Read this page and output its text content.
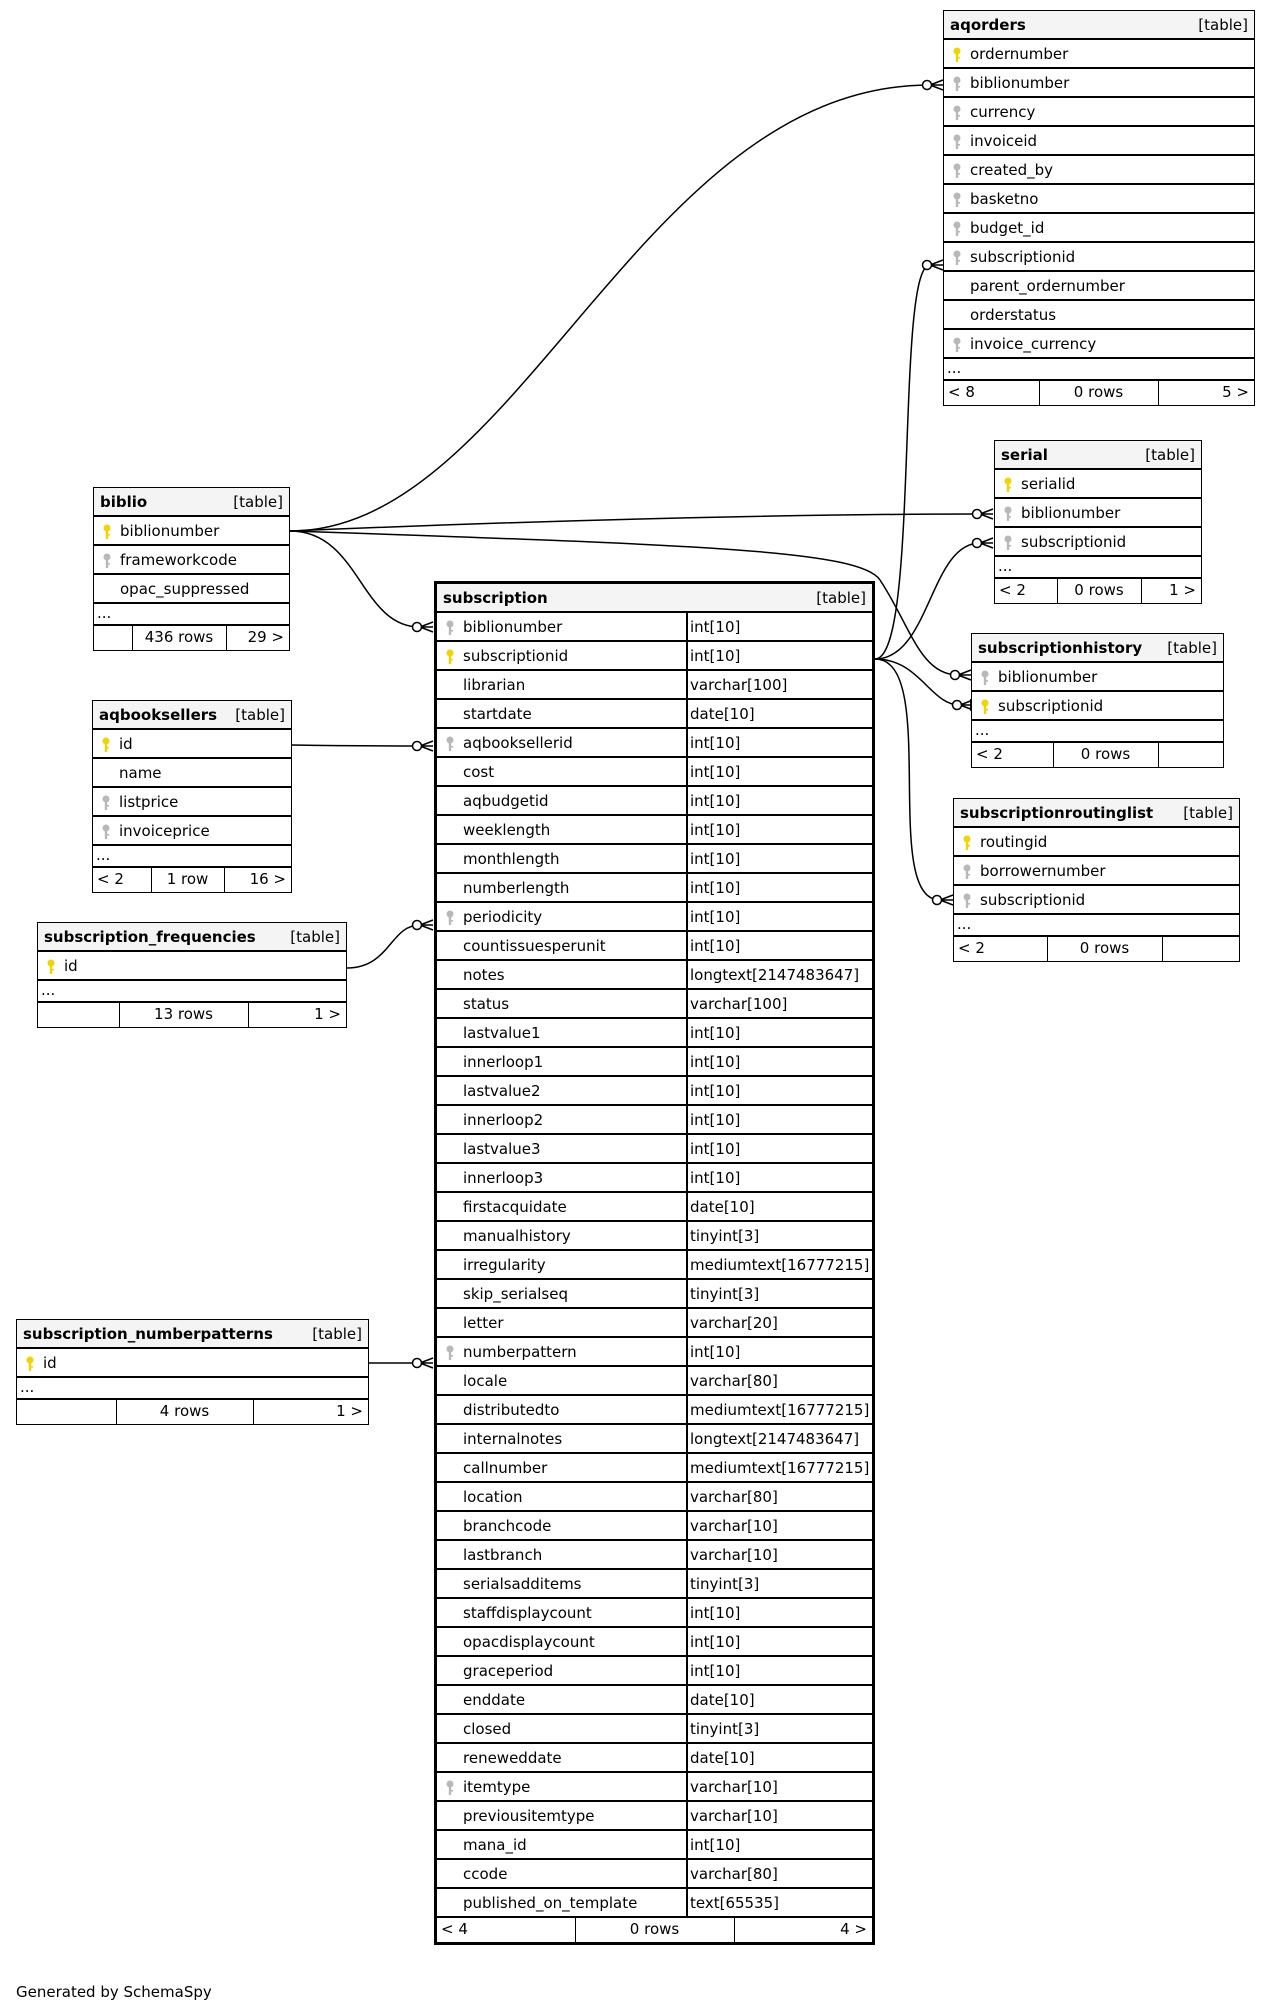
aqorders	[table]
ordernumber
biblionumber
currency
invoiceid
created_by
basketno
budget_id
subscriptionid
parent_ordernumber
orderstatus
invoice_currency
...
< 8	0 rows	5 >
serial	[table]
serialid
biblionumber
subscriptionid
...
< 2	0 rows	1 >
biblio	[table]
biblionumber
frameworkcode
opac_suppressed
...
436 rows 29 >
subscriptionhistory [table]
biblionumber
subscriptionid
...
< 2	0 rows
aqbooksellers [table]
id
name
listprice
invoiceprice
...
< 2	1 row	16 >
subscriptionroutinglist [table]
routingid
borrowernumber
subscriptionid
...
< 2	0 rows
subscription_frequencies [table]
id
...
13 rows	1 >
subscription_numberpatterns	[table]
id
...
4 rows	1 >
subscription	[table]
biblionumber	int[10]
subscriptionid	int[10]
librarian	varchar[100]
startdate	date[10]
aqbooksellerid	int[10]
cost	int[10]
aqbudgetid	int[10]
weeklength	int[10]
monthlength	int[10]
numberlength	int[10]
periodicity	int[10]
countissuesperunit	int[10]
notes	longtext[2147483647]
status	varchar[100]
lastvalue1	int[10]
innerloop1	int[10]
lastvalue2	int[10]
innerloop2	int[10]
lastvalue3	int[10]
innerloop3	int[10]
firstacquidate	date[10]
manualhistory	tinyint[3]
irregularity	mediumtext[16777215]
skip_serialseq	tinyint[3]
letter	varchar[20]
numberpattern	int[10]
locale	varchar[80]
distributedto	mediumtext[16777215]
internalnotes	longtext[2147483647]
callnumber	mediumtext[16777215]
location	varchar[80]
branchcode	varchar[10]
lastbranch	varchar[10]
serialsadditems	tinyint[3]
staffdisplaycount	int[10]
opacdisplaycount	int[10]
graceperiod	int[10]
enddate	date[10]
closed	tinyint[3]
reneweddate	date[10]
itemtype	varchar[10]
previousitemtype	varchar[10]
mana_id	int[10]
ccode	varchar[80]
published_on_template	text[65535]
< 4	0 rows	4 >
Generated by SchemaSpy
